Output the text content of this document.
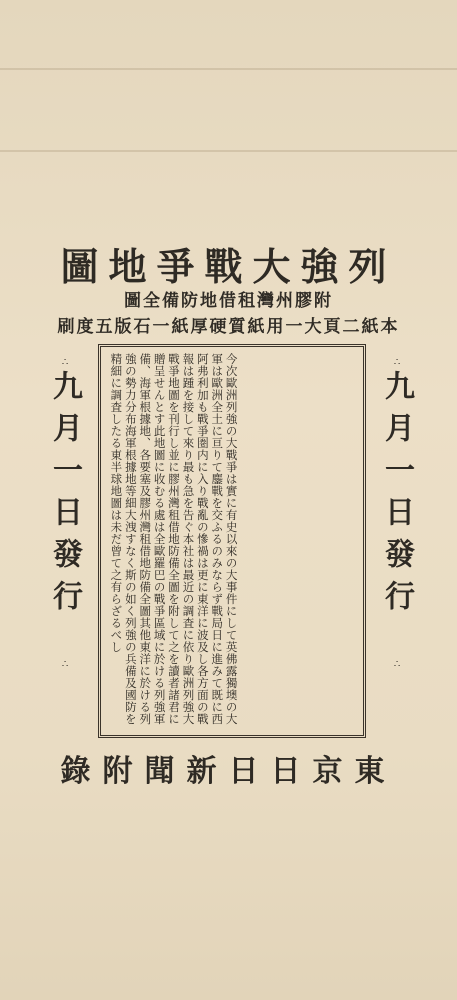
列強大戰爭地圖
附膠州灣租借地防備全圖
本紙二頁大一用紙質硬厚紙一石版五度刷
∴	∴
九月一日發行	九月一日發行
∴	∴

今次歐洲列強の大戰爭は實に有史以來の大事件にして英佛露獨墺の大軍は歐洲全土に亘りて鏖戰を交ふるのみならず戰局日に進みて既に西阿弗利加も戰爭圏内に入り戰亂の慘禍は更に東洋に波及し各方面の戰報は踵を接して來り最も急を告ぐ本社は最近の調査に依り歐洲列強大戰爭地圖を刊行し並に膠州灣租借地防備全圖を附して之を讀者諸君に贈呈せんとす此地圖に收むる處は全歐羅巴の戰爭區域に於ける列強軍備、海軍根據地、各要塞及膠州灣租借地防備全圖其他東洋に於ける列強の勢力分布海軍根據地等細大洩すなく斯の如く列強の兵備及國防を精細に調査したる東半球地圖は未だ曾て之有らざるべし

東京日日新聞附錄
